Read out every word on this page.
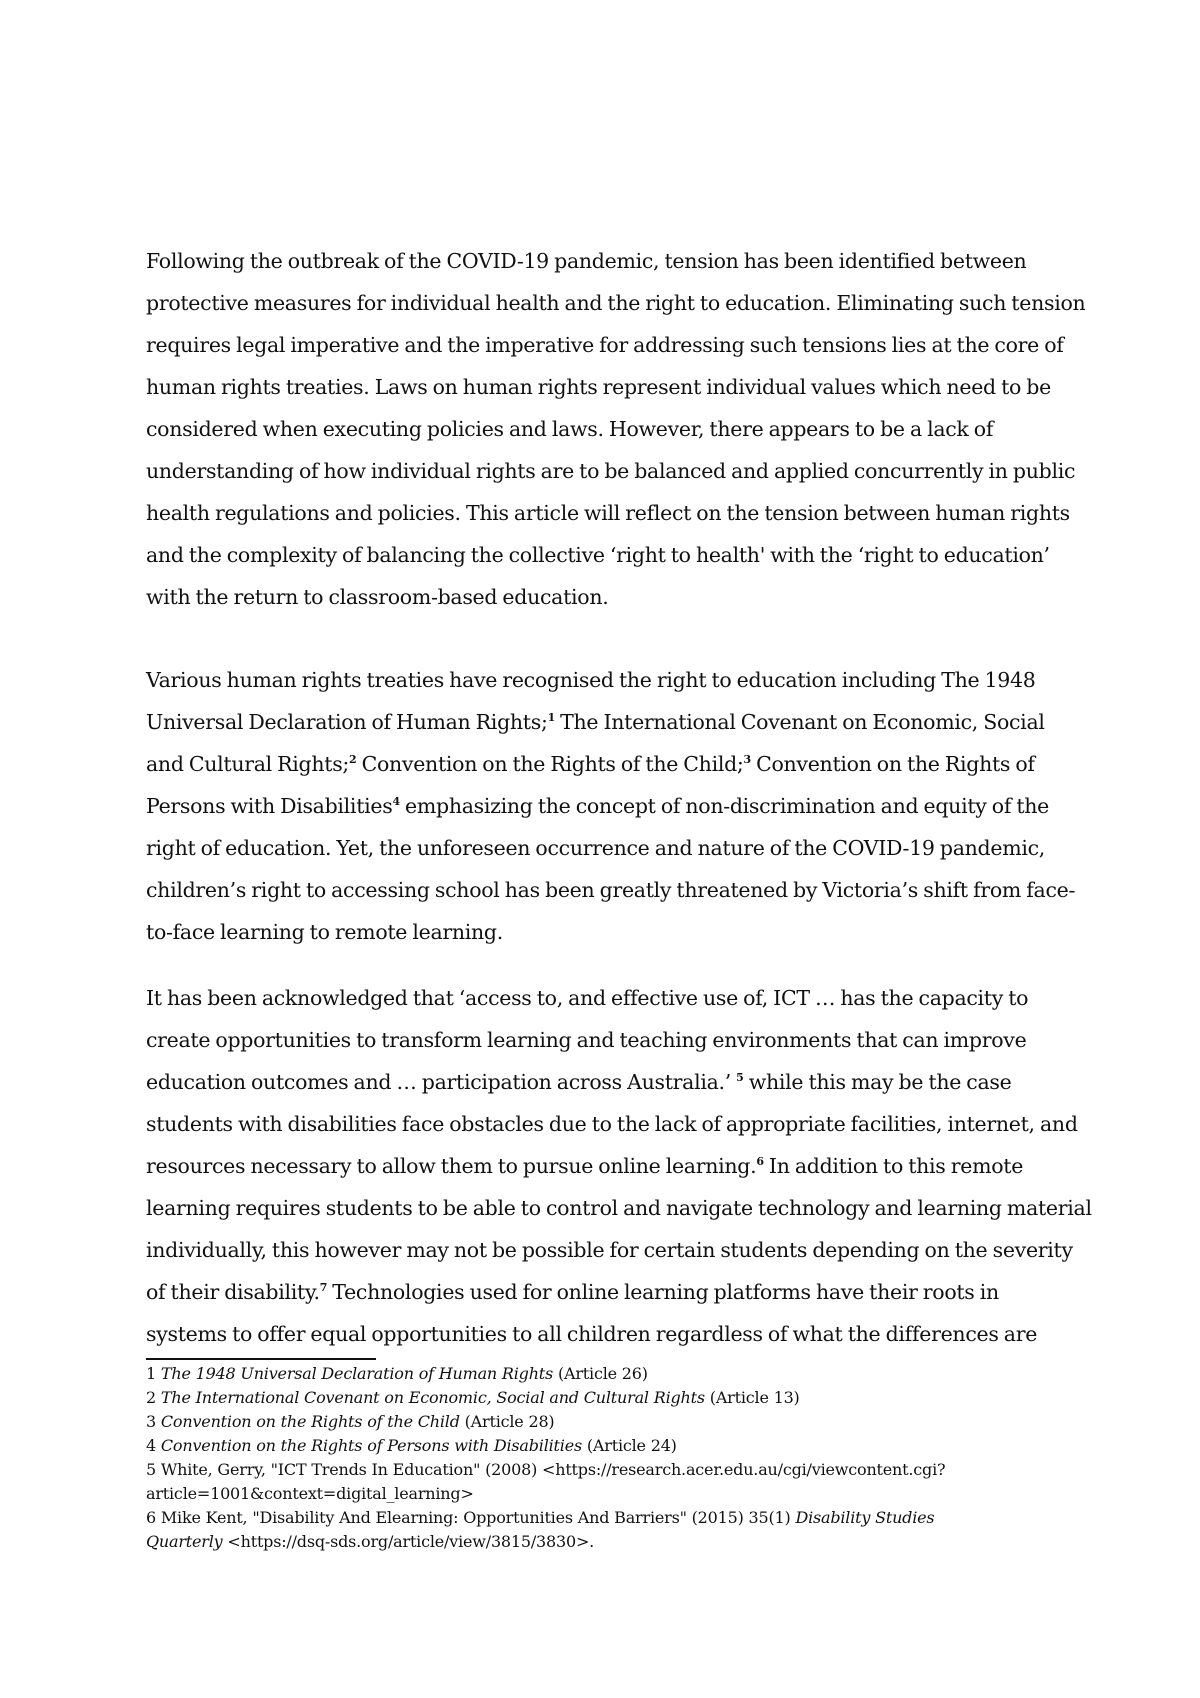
Following the outbreak of the COVID-19 pandemic, tension has been identified between
protective measures for individual health and the right to education. Eliminating such tension
requires legal imperative and the imperative for addressing such tensions lies at the core of
human rights treaties. Laws on human rights represent individual values which need to be
considered when executing policies and laws. However, there appears to be a lack of
understanding of how individual rights are to be balanced and applied concurrently in public
health regulations and policies. This article will reflect on the tension between human rights
and the complexity of balancing the collective ‘right to health' with the ‘right to education’
with the return to classroom-based education.
Various human rights treaties have recognised the right to education including The 1948
Universal Declaration of Human Rights;$^1$ The International Covenant on Economic, Social
and Cultural Rights;$^2$ Convention on the Rights of the Child;$^3$ Convention on the Rights of
Persons with Disabilities$^4$ emphasizing the concept of non-discrimination and equity of the
right of education. Yet, the unforeseen occurrence and nature of the COVID-19 pandemic,
children’s right to accessing school has been greatly threatened by Victoria’s shift from face-
to-face learning to remote learning.
It has been acknowledged that ‘access to, and effective use of, ICT … has the capacity to
create opportunities to transform learning and teaching environments that can improve
education outcomes and … participation across Australia.’ $^5$ while this may be the case
students with disabilities face obstacles due to the lack of appropriate facilities, internet, and
resources necessary to allow them to pursue online learning.$^6$ In addition to this remote
learning requires students to be able to control and navigate technology and learning material
individually, this however may not be possible for certain students depending on the severity
of their disability.$^7$ Technologies used for online learning platforms have their roots in
systems to offer equal opportunities to all children regardless of what the differences are
1 The 1948 Universal Declaration of Human Rights (Article 26)
2 The International Covenant on Economic, Social and Cultural Rights (Article 13)
3 Convention on the Rights of the Child (Article 28)
4 Convention on the Rights of Persons with Disabilities (Article 24)
5 White, Gerry, "ICT Trends In Education" (2008) <https://research.acer.edu.au/cgi/viewcontent.cgi?
article=1001&context=digital_learning>
6 Mike Kent, "Disability And Elearning: Opportunities And Barriers" (2015) 35(1) Disability Studies
Quarterly <https://dsq-sds.org/article/view/3815/3830>.
